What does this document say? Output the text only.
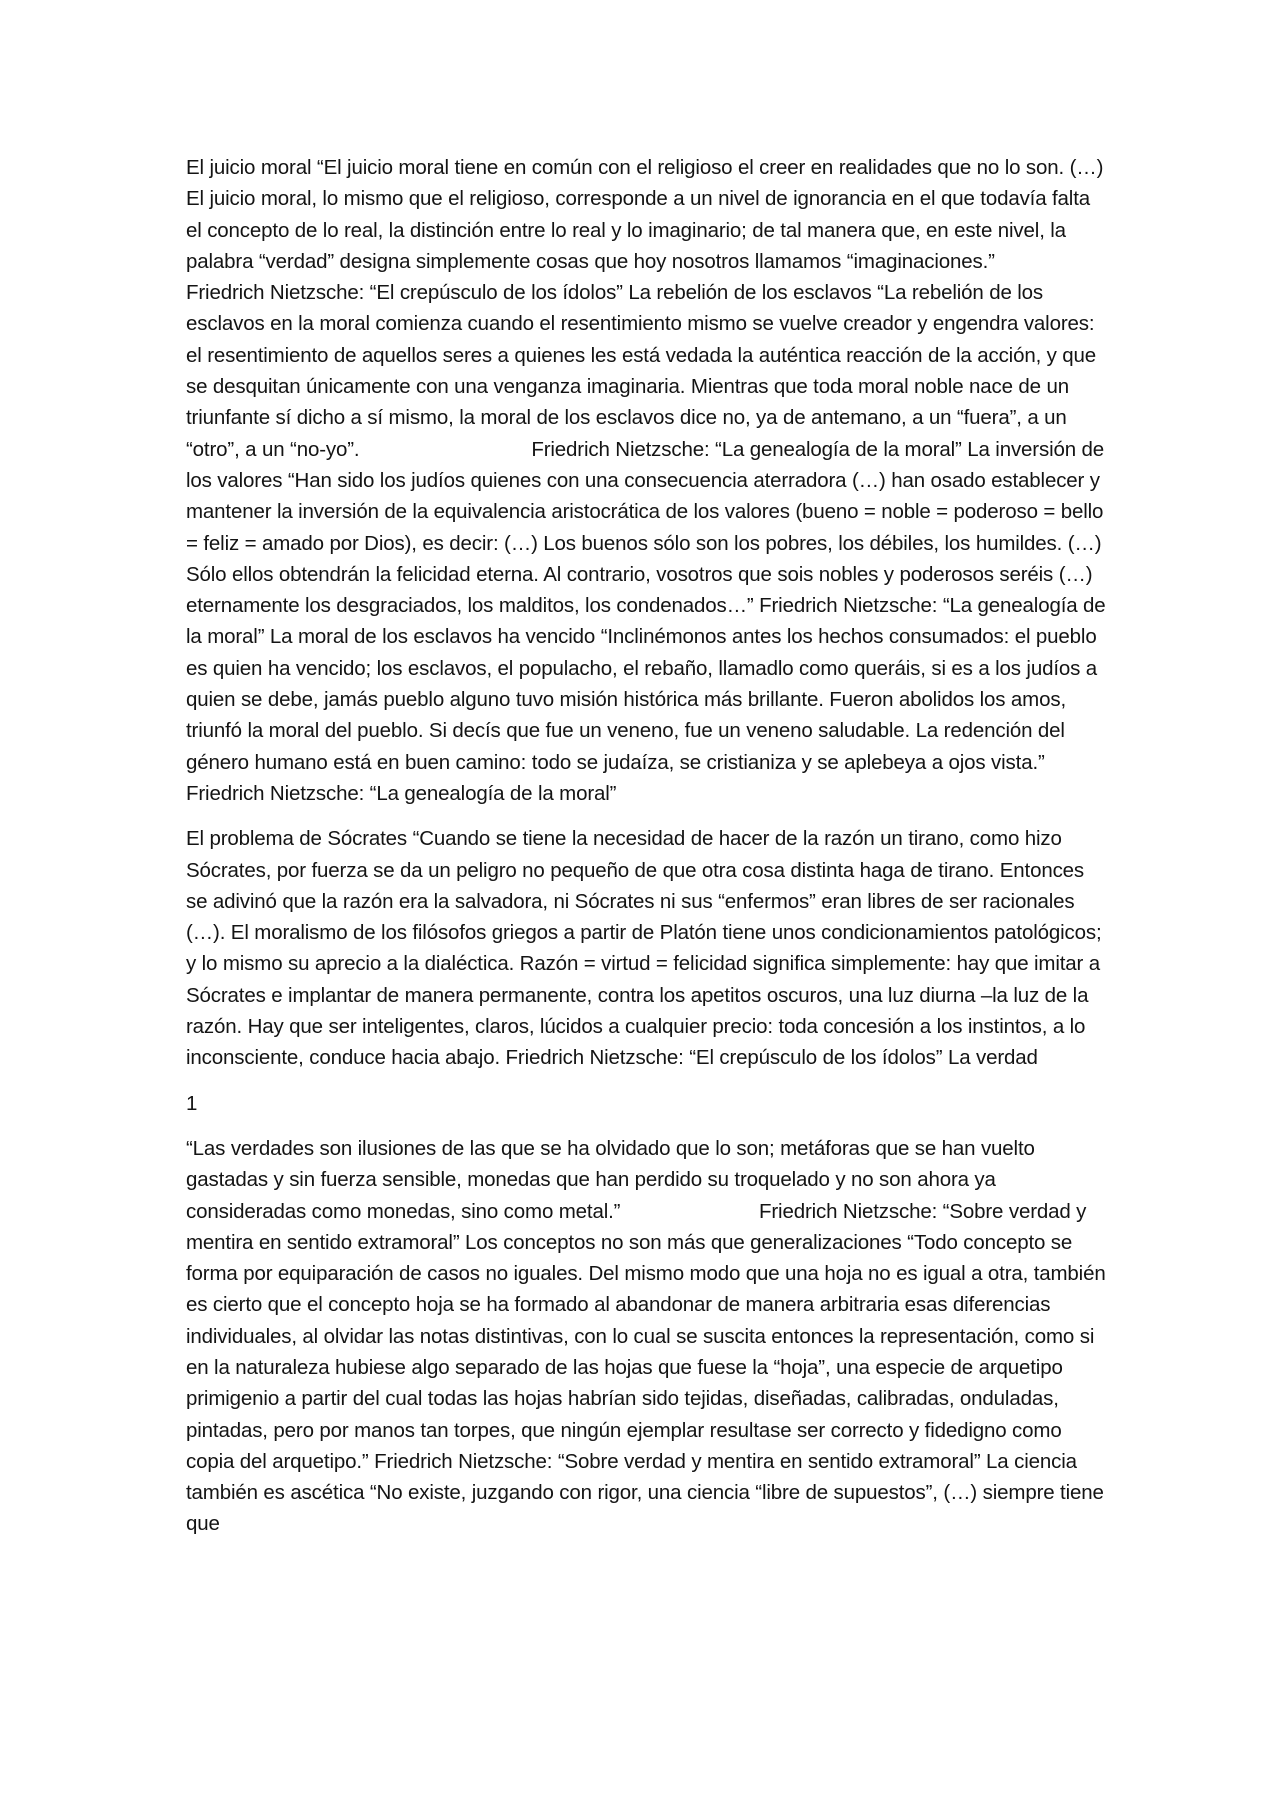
El juicio moral “El juicio moral tiene en común con el religioso el creer en realidades que no lo son. (…) El juicio moral, lo mismo que el religioso, corresponde a un nivel de ignorancia en el que todavía falta el concepto de lo real, la distinción entre lo real y lo imaginario; de tal manera que, en este nivel, la palabra “verdad” designa simplemente cosas que hoy nosotros llamamos “imaginaciones.”                         Friedrich Nietzsche: “El crepúsculo de los ídolos” La rebelión de los esclavos “La rebelión de los esclavos en la moral comienza cuando el resentimiento mismo se vuelve creador y engendra valores: el resentimiento de aquellos seres a quienes les está vedada la auténtica reacción de la acción, y que se desquitan únicamente con una venganza imaginaria. Mientras que toda moral noble nace de un triunfante sí dicho a sí mismo, la moral de los esclavos dice no, ya de antemano, a un “fuera”, a un “otro”, a un “no-yo”.                               Friedrich Nietzsche: “La genealogía de la moral” La inversión de los valores “Han sido los judíos quienes con una consecuencia aterradora (…) han osado establecer y mantener la inversión de la equivalencia aristocrática de los valores (bueno = noble = poderoso = bello = feliz = amado por Dios), es decir: (…) Los buenos sólo son los pobres, los débiles, los humildes. (…) Sólo ellos obtendrán la felicidad eterna. Al contrario, vosotros que sois nobles y poderosos seréis (…) eternamente los desgraciados, los malditos, los condenados…” Friedrich Nietzsche: “La genealogía de la moral” La moral de los esclavos ha vencido “Inclinémonos antes los hechos consumados: el pueblo es quien ha vencido; los esclavos, el populacho, el rebaño, llamadlo como queráis, si es a los judíos a quien se debe, jamás pueblo alguno tuvo misión histórica más brillante. Fueron abolidos los amos, triunfó la moral del pueblo. Si decís que fue un veneno, fue un veneno saludable. La redención del género humano está en buen camino: todo se judaíza, se cristianiza y se aplebeya a ojos vista.” Friedrich Nietzsche: “La genealogía de la moral”

El problema de Sócrates “Cuando se tiene la necesidad de hacer de la razón un tirano, como hizo Sócrates, por fuerza se da un peligro no pequeño de que otra cosa distinta haga de tirano. Entonces se adivinó que la razón era la salvadora, ni Sócrates ni sus “enfermos” eran libres de ser racionales (…). El moralismo de los filósofos griegos a partir de Platón tiene unos condicionamientos patológicos; y lo mismo su aprecio a la dialéctica. Razón = virtud = felicidad significa simplemente: hay que imitar a Sócrates e implantar de manera permanente, contra los apetitos oscuros, una luz diurna –la luz de la razón. Hay que ser inteligentes, claros, lúcidos a cualquier precio: toda concesión a los instintos, a lo inconsciente, conduce hacia abajo. Friedrich Nietzsche: “El crepúsculo de los ídolos” La verdad

1

“Las verdades son ilusiones de las que se ha olvidado que lo son; metáforas que se han vuelto gastadas y sin fuerza sensible, monedas que han perdido su troquelado y no son ahora ya consideradas como monedas, sino como metal.”                         Friedrich Nietzsche: “Sobre verdad y mentira en sentido extramoral” Los conceptos no son más que generalizaciones “Todo concepto se forma por equiparación de casos no iguales. Del mismo modo que una hoja no es igual a otra, también es cierto que el concepto hoja se ha formado al abandonar de manera arbitraria esas diferencias individuales, al olvidar las notas distintivas, con lo cual se suscita entonces la representación, como si en la naturaleza hubiese algo separado de las hojas que fuese la “hoja”, una especie de arquetipo primigenio a partir del cual todas las hojas habrían sido tejidas, diseñadas, calibradas, onduladas, pintadas, pero por manos tan torpes, que ningún ejemplar resultase ser correcto y fidedigno como copia del arquetipo.” Friedrich Nietzsche: “Sobre verdad y mentira en sentido extramoral” La ciencia también es ascética “No existe, juzgando con rigor, una ciencia “libre de supuestos”, (…) siempre tiene que
